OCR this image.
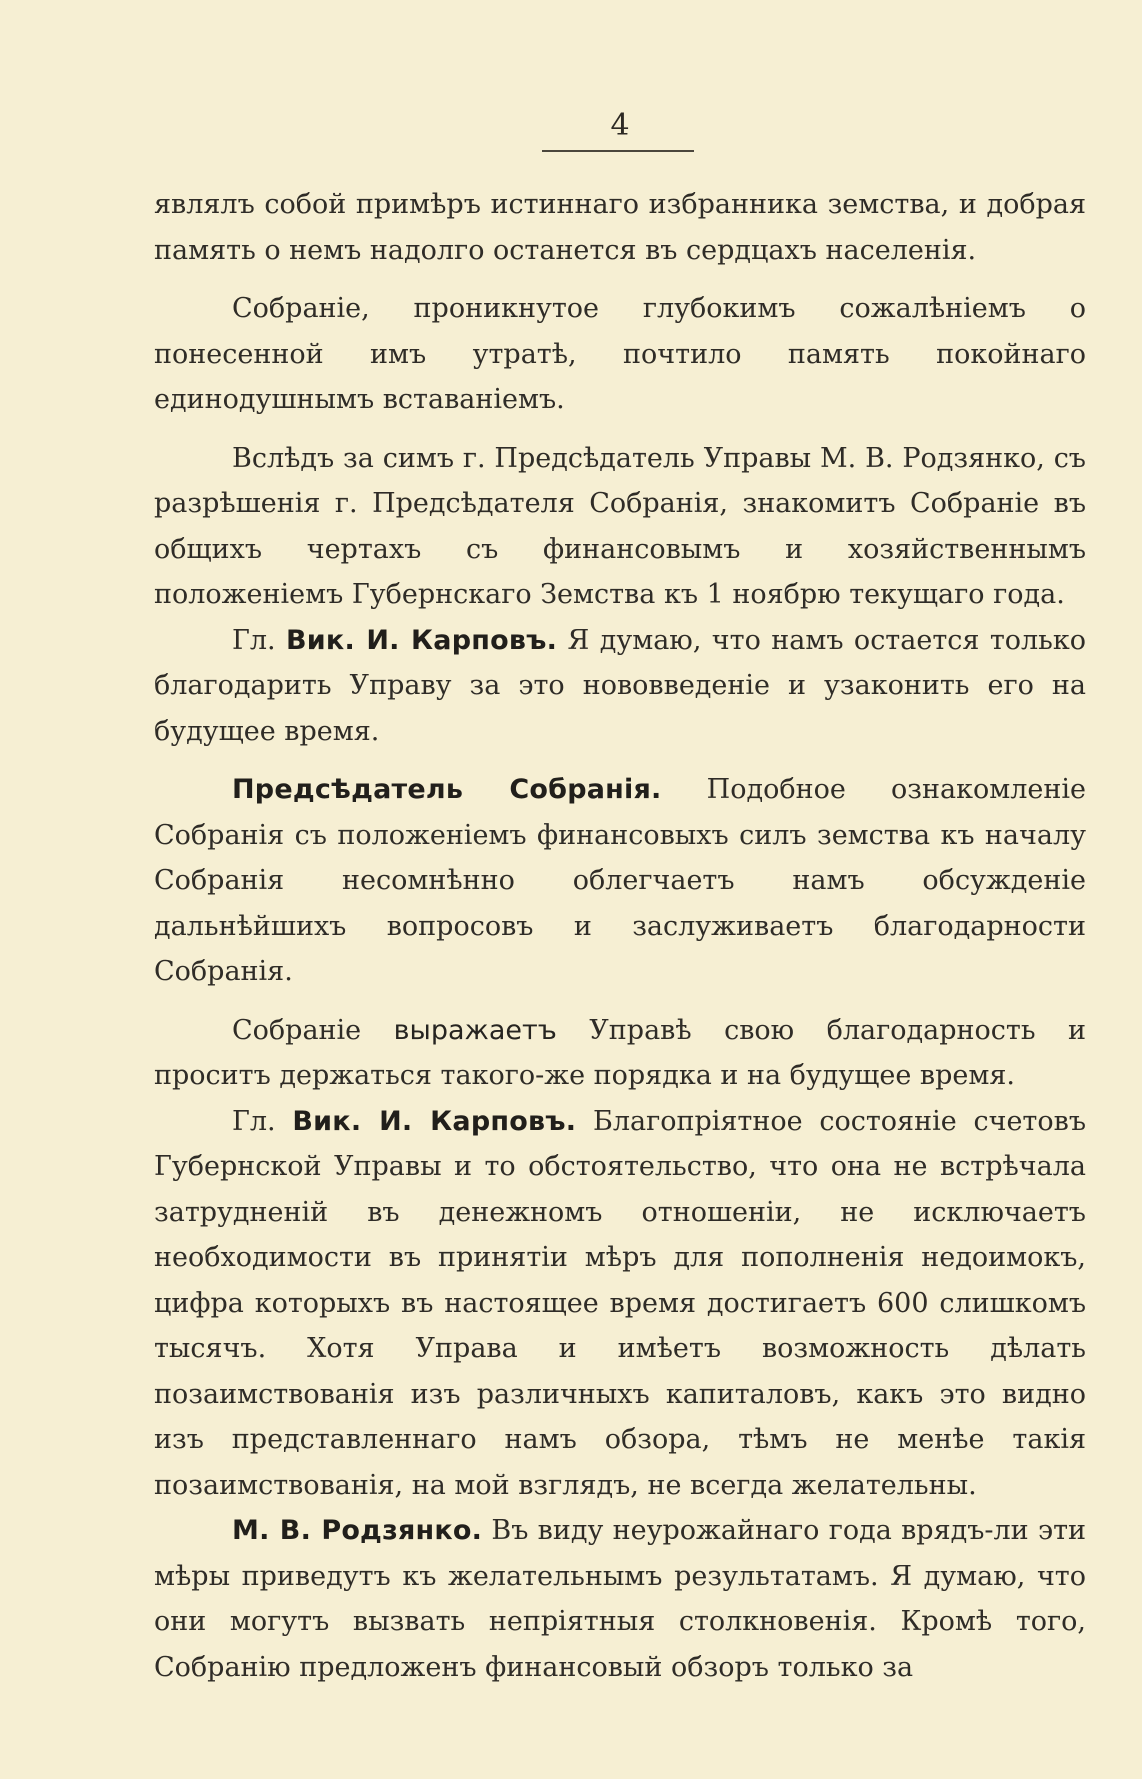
4

являлъ собой примѣръ истиннаго избранника земства, и добрая память о немъ надолго останется въ сердцахъ населенія.

Собраніе, проникнутое глубокимъ сожалѣніемъ о понесенной имъ утратѣ, почтило память покойнаго единодушнымъ вставаніемъ.

Вслѣдъ за симъ г. Предсѣдатель Управы М. В. Родзянко, съ разрѣшенія г. Предсѣдателя Собранія, знакомитъ Собраніе въ общихъ чертахъ съ финансовымъ и хозяйственнымъ положеніемъ Губернскаго Земства къ 1 ноябрю текущаго года.

Гл. Вик. И. Карповъ. Я думаю, что намъ остается только благодарить Управу за это нововведеніе и узаконить его на будущее время.

Предсѣдатель Собранія. Подобное ознакомленіе Собранія съ положеніемъ финансовыхъ силъ земства къ началу Собранія несомнѣнно облегчаетъ намъ обсужденіе дальнѣйшихъ вопросовъ и заслуживаетъ благодарности Собранія.

Собраніе выражаетъ Управѣ свою благодарность и проситъ держаться такого-же порядка и на будущее время.

Гл. Вик. И. Карповъ. Благопріятное состояніе счетовъ Губернской Управы и то обстоятельство, что она не встрѣчала затрудненій въ денежномъ отношеніи, не исключаетъ необходимости въ принятіи мѣръ для пополненія недоимокъ, цифра которыхъ въ настоящее время достигаетъ 600 слишкомъ тысячъ. Хотя Управа и имѣетъ возможность дѣлать позаимствованія изъ различныхъ капиталовъ, какъ это видно изъ представленнаго намъ обзора, тѣмъ не менѣе такія позаимствованія, на мой взглядъ, не всегда желательны.

М. В. Родзянко. Въ виду неурожайнаго года врядъ-ли эти мѣры приведутъ къ желательнымъ результатамъ. Я думаю, что они могутъ вызвать непріятныя столкновенія. Кромѣ того, Собранію предложенъ финансовый обзоръ только за
